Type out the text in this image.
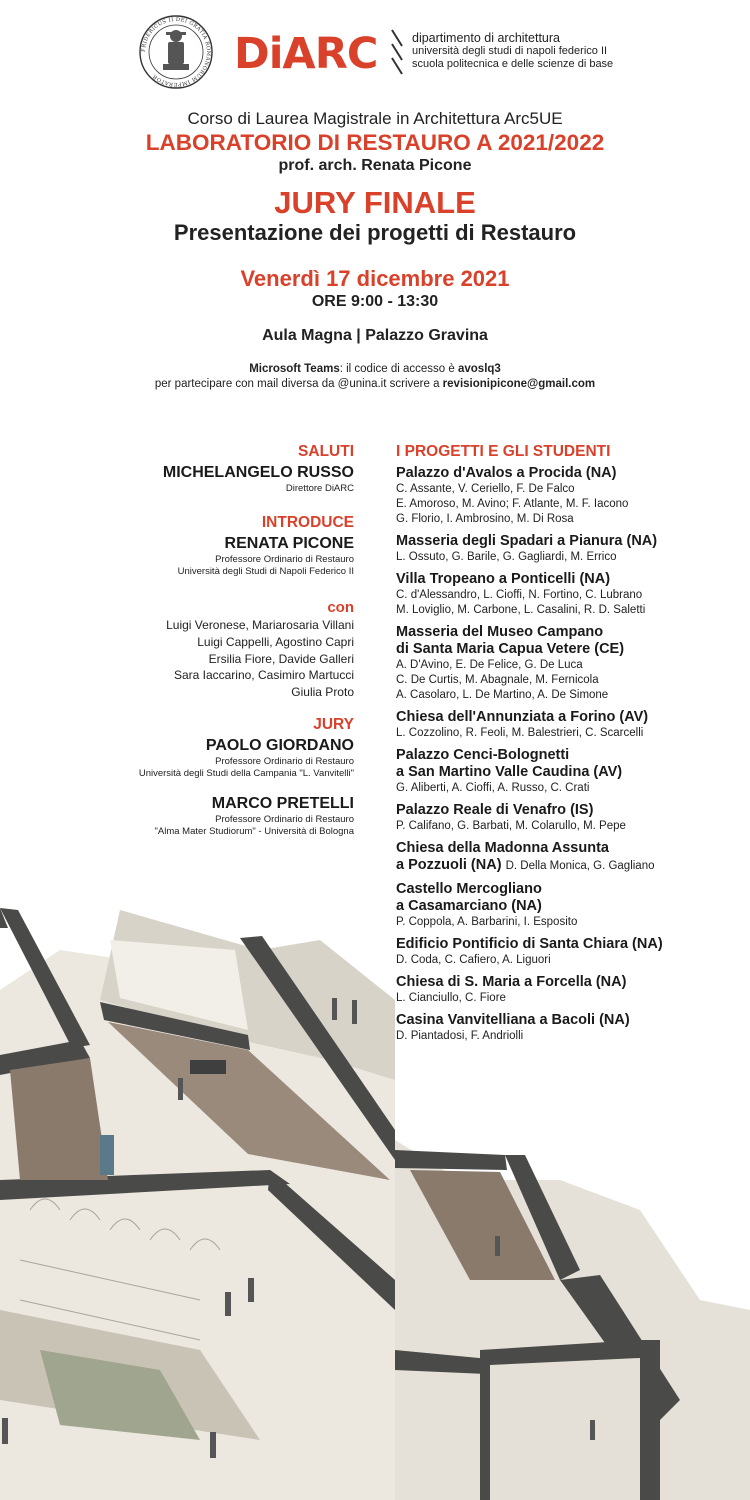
FRIDERICUS II DEI GRATIA ROMANORUM IMPERATOR	DiARC	dipartimento di architettura
università degli studi di napoli federico II
scuola politecnica e delle scienze di base
Corso di Laurea Magistrale in Architettura Arc5UE
LABORATORIO DI RESTAURO A 2021/2022
prof. arch. Renata Picone
JURY FINALE
Presentazione dei progetti di Restauro
Venerdì 17 dicembre 2021
ORE 9:00 - 13:30
Aula Magna | Palazzo Gravina
Microsoft Teams: il codice di accesso è avoslq3
per partecipare con mail diversa da @unina.it scrivere a revisionipicone@gmail.com
SALUTI
MICHELANGELO RUSSO
Direttore DiARC
INTRODUCE
RENATA PICONE
Professore Ordinario di Restauro
Università degli Studi di Napoli Federico II
con
Luigi Veronese, Mariarosaria Villani
Luigi Cappelli, Agostino Capri
Ersilia Fiore, Davide Galleri
Sara Iaccarino, Casimiro Martucci
Giulia Proto
JURY
PAOLO GIORDANO
Professore Ordinario di Restauro
Università degli Studi della Campania "L. Vanvitelli"
MARCO PRETELLI
Professore Ordinario di Restauro
"Alma Mater Studiorum" - Università di Bologna
I PROGETTI E GLI STUDENTI
Palazzo d'Avalos a Procida (NA)
C. Assante, V. Ceriello, F. De Falco
E. Amoroso, M. Avino; F. Atlante, M. F. Iacono
G. Florio, I. Ambrosino, M. Di Rosa
Masseria degli Spadari a Pianura (NA)
L. Ossuto, G. Barile, G. Gagliardi, M. Errico
Villa Tropeano a Ponticelli (NA)
C. d'Alessandro, L. Cioffi, N. Fortino, C. Lubrano
M. Loviglio, M. Carbone, L. Casalini, R. D. Saletti
Masseria del Museo Campano
di Santa Maria Capua Vetere (CE)
A. D'Avino, E. De Felice, G. De Luca
C. De Curtis, M. Abagnale, M. Fernicola
A. Casolaro, L. De Martino, A. De Simone
Chiesa dell'Annunziata a Forino (AV)
L. Cozzolino, R. Feoli, M. Balestrieri, C. Scarcelli
Palazzo Cenci-Bolognetti
a San Martino Valle Caudina (AV)
G. Aliberti, A. Cioffi, A. Russo, C. Crati
Palazzo Reale di Venafro (IS)
P. Califano, G. Barbati, M. Colarullo, M. Pepe
Chiesa della Madonna Assunta
a Pozzuoli (NA) D. Della Monica, G. Gagliano
Castello Mercogliano
a Casamarciano (NA)
P. Coppola, A. Barbarini, I. Esposito
Edificio Pontificio di Santa Chiara (NA)
D. Coda, C. Cafiero, A. Liguori
Chiesa di S. Maria a Forcella (NA)
L. Cianciullo, C. Fiore
Casina Vanvitelliana a Bacoli (NA)
D. Piantadosi, F. Andriolli
